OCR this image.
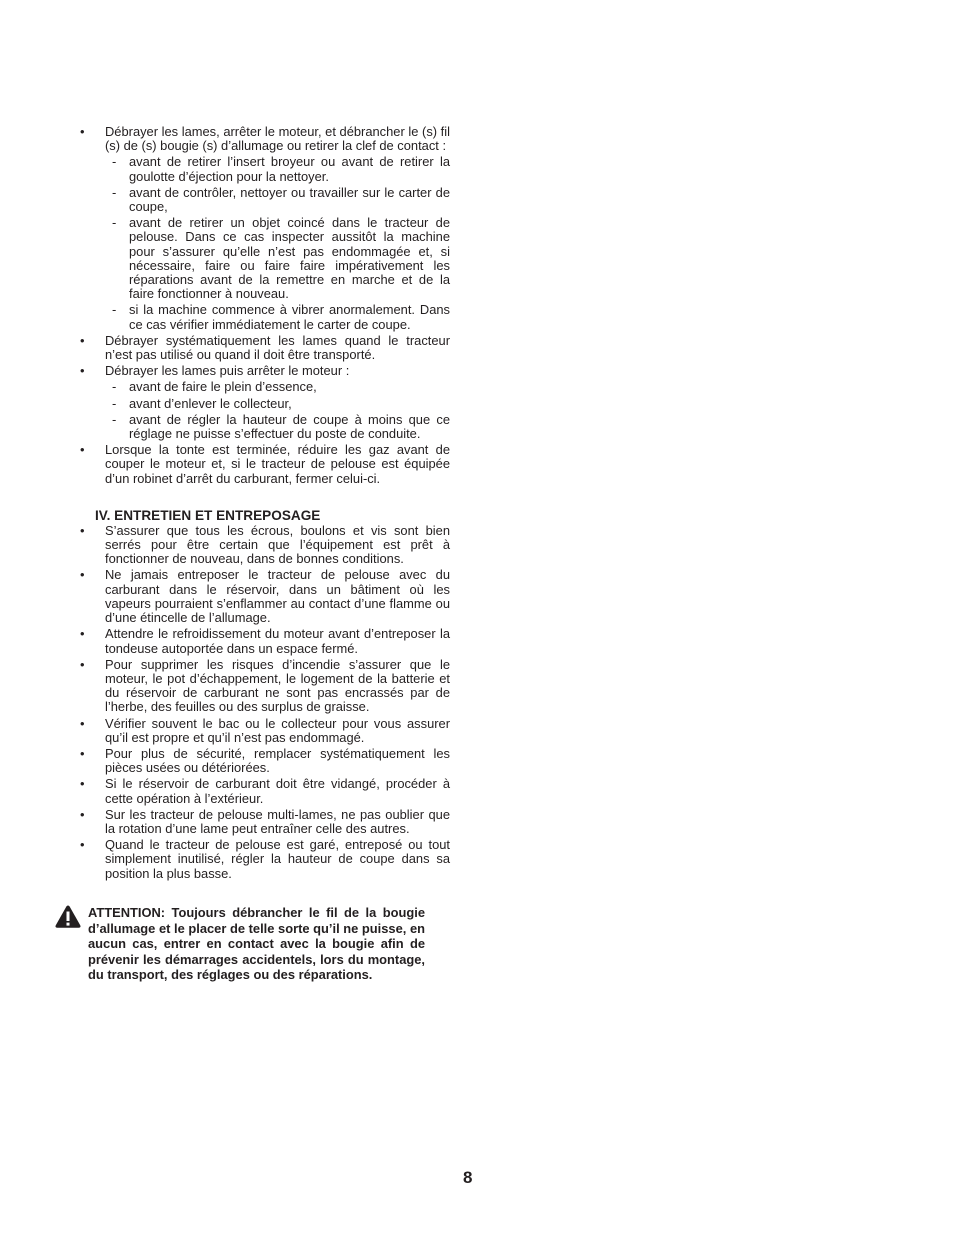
• Débrayer les lames, arrêter le moteur, et débrancher le (s) fil (s) de (s) bougie (s) d’allumage ou retirer la clef de contact :
- avant de retirer l’insert broyeur ou avant de retirer la goulotte d’éjection pour la nettoyer.
- avant de contrôler, nettoyer ou travailler sur le carter de coupe,
- avant de retirer un objet coincé dans le tracteur de pelouse. Dans ce cas inspecter aussitôt la machine pour s’assurer qu’elle n’est pas endommagée et, si nécessaire, faire ou faire faire impérativement les réparations avant de la remettre en marche et de la faire fonctionner à nouveau.
- si la machine commence à vibrer anormalement. Dans ce cas vérifier immédiatement le carter de coupe.
• Débrayer systématiquement les lames quand le tracteur n’est pas utilisé ou quand il doit être transporté.
• Débrayer les lames puis arrêter le moteur :
- avant de faire le plein d’essence,
- avant d’enlever le collecteur,
- avant de régler la hauteur de coupe à moins que ce réglage ne puisse s’effectuer du poste de conduite.
• Lorsque la tonte est terminée, réduire les gaz avant de couper le moteur et, si le tracteur de pelouse est équipée d’un robinet d’arrêt du carburant, fermer celui-ci.
IV. ENTRETIEN ET ENTREPOSAGE
• S’assurer que tous les écrous, boulons et vis sont bien serrés pour être certain que l’équipement est prêt à fonctionner de nouveau, dans de bonnes conditions.
• Ne jamais entreposer le tracteur de pelouse avec du carburant dans le réservoir, dans un bâtiment où les vapeurs pourraient s’enflammer au contact d’une flamme ou d’une étincelle de l’allumage.
• Attendre le refroidissement du moteur avant d’entreposer la tondeuse autoportée dans un espace fermé.
• Pour supprimer les risques d’incendie s’assurer que le moteur, le pot d’échappement, le logement de la batterie et du réservoir de carburant ne sont pas encrassés par de l’herbe, des feuilles ou des surplus de graisse.
• Vérifier souvent le bac ou le collecteur pour vous assurer qu’il est propre et qu’il n’est pas endommagé.
• Pour plus de sécurité, remplacer systématiquement les pièces usées ou détériorées.
• Si le réservoir de carburant doit être vidangé, procéder à cette opération à l’extérieur.
• Sur les tracteur de pelouse multi-lames, ne pas oublier que la rotation d’une lame peut entraîner celle des autres.
• Quand le tracteur de pelouse est garé, entreposé ou tout simplement inutilisé, régler la hauteur de coupe dans sa position la plus basse.

ATTENTION: Toujours débrancher le fil de la bougie d’allumage et le placer de telle sorte qu’il ne puisse, en aucun cas, entrer en contact avec la bougie afin de prévenir les démarrages accidentels, lors du montage, du transport, des réglages ou des réparations.

8
